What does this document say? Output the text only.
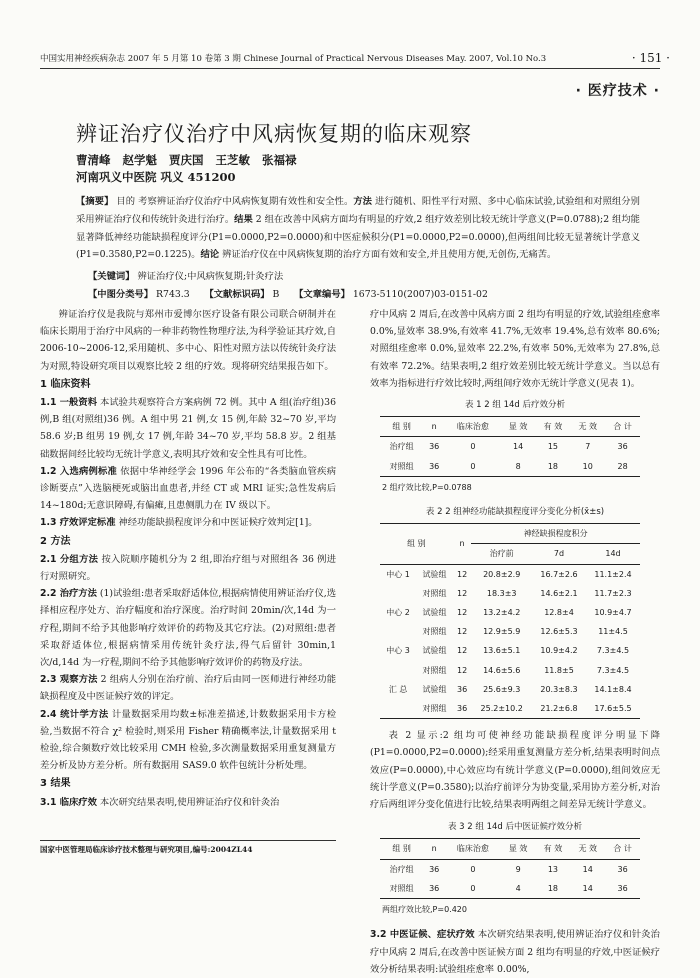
中国实用神经疾病杂志 2007 年 5 月第 10 卷第 3 期 Chinese Journal of Practical Nervous Diseases May. 2007, Vol.10 No.3	· 151 ·
· 医疗技术 ·
辨证治疗仪治疗中风病恢复期的临床观察
曹清峰 赵学魁 贾庆国 王芝敏 张福禄
河南巩义中医院 巩义 451200
【摘要】 目的 考察辨证治疗仪治疗中风病恢复期有效性和安全性。方法 进行随机、阳性平行对照、多中心临床试验,试验组和对照组分别采用辨证治疗仪和传统针灸进行治疗。结果 2 组在改善中风病方面均有明显的疗效,2 组疗效差别比较无统计学意义(P=0.0788);2 组均能显著降低神经功能缺损程度评分(P1=0.0000,P2=0.0000)和中医症候积分(P1=0.0000,P2=0.0000),但两组间比较无显著统计学意义(P1=0.3580,P2=0.1225)。结论 辨证治疗仪在中风病恢复期的治疗方面有效和安全,并且使用方便,无创伤,无痛苦。
【关键词】 辨证治疗仪;中风病恢复期;针灸疗法
【中图分类号】 R743.3 【文献标识码】 B 【文章编号】 1673-5110(2007)03-0151-02

辨证治疗仪是我院与郑州市爱博尔医疗设备有限公司联合研制并在临床长期用于治疗中风病的一种非药物性物理疗法,为科学验证其疗效,自 2006-10~2006-12,采用随机、多中心、阳性对照方法以传统针灸疗法为对照,特设研究项目以观察比较 2 组的疗效。现将研究结果报告如下。

1 临床资料

1.1 一般资料 本试验共观察符合方案病例 72 例。其中 A 组(治疗组)36 例,B 组(对照组)36 例。A 组中男 21 例,女 15 例,年龄 32~70 岁,平均 58.6 岁;B 组男 19 例,女 17 例,年龄 34~70 岁,平均 58.8 岁。2 组基础数据间经比较均无统计学意义,表明其疗效和安全性具有可比性。

1.2 入选病例标准 依据中华神经学会 1996 年公布的“各类脑血管疾病诊断要点”入选脑梗死或脑出血患者,并经 CT 或 MRI 证实;急性发病后 14~180d;无意识障碍,有偏瘫,且患侧肌力在 IV 级以下。

1.3 疗效评定标准 神经功能缺损程度评分和中医证候疗效判定[1]。

2 方法

2.1 分组方法 按入院顺序随机分为 2 组,即治疗组与对照组各 36 例进行对照研究。

2.2 治疗方法 (1)试验组:患者采取舒适体位,根据病情使用辨证治疗仪,选择相应程序处方、治疗幅度和治疗深度。治疗时间 20min/次,14d 为一疗程,期间不给予其他影响疗效评价的药物及其它疗法。(2)对照组:患者采取舒适体位,根据病情采用传统针灸疗法,得气后留针 30min,1 次/d,14d 为一疗程,期间不给予其他影响疗效评价的药物及疗法。

2.3 观察方法 2 组病人分别在治疗前、治疗后由同一医师进行神经功能缺损程度及中医证候疗效的评定。

2.4 统计学方法 计量数据采用均数±标准差描述,计数数据采用卡方检验,当数据不符合 χ² 检验时,则采用 Fisher 精确概率法,计量数据采用 t 检验,综合频数疗效比较采用 CMH 检验,多次测量数据采用重复测量方差分析及协方差分析。所有数据用 SAS9.0 软件包统计分析处理。

3 结果

3.1 临床疗效 本次研究结果表明,使用辨证治疗仪和针灸治

国家中医管理局临床诊疗技术整理与研究项目,编号:2004ZL44

疗中风病 2 周后,在改善中风病方面 2 组均有明显的疗效,试验组痊愈率 0.0%,显效率 38.9%,有效率 41.7%,无效率 19.4%,总有效率 80.6%;对照组痊愈率 0.0%,显效率 22.2%,有效率 50%,无效率为 27.8%,总有效率 72.2%。结果表明,2 组疗效差别比较无统计学意义。当以总有效率为指标进行疗效比较时,两组间疗效亦无统计学意义(见表 1)。

表 1 2 组 14d 后疗效分析
组 别	n	临床治愈	显 效	有 效	无 效	合 计
治疗组	36	0	14	15	7	36
对照组	36	0	8	18	10	28
2 组疗效比较,P=0.0788
表 2 2 组神经功能缺损程度评分变化分析(x̄±s)
组 别		n	神经缺损程度积分		
			治疗前	7d	14d
中心 1	试验组	12	20.8±2.9	16.7±2.6	11.1±2.4
	对照组	12	18.3±3	14.6±2.1	11.7±2.3
中心 2	试验组	12	13.2±4.2	12.8±4	10.9±4.7
	对照组	12	12.9±5.9	12.6±5.3	11±4.5
中心 3	试验组	12	13.6±5.1	10.9±4.2	7.3±4.5
	对照组	12	14.6±5.6	11.8±5	7.3±4.5
汇 总	试验组	36	25.6±9.3	20.3±8.3	14.1±8.4
	对照组	36	25.2±10.2	21.2±6.8	17.6±5.5

表 2 显示:2 组均可使神经功能缺损程度评分明显下降(P1=0.0000,P2=0.0000);经采用重复测量方差分析,结果表明时间点效应(P=0.0000),中心效应均有统计学意义(P=0.0000),组间效应无统计学意义(P=0.3580);以治疗前评分为协变量,采用协方差分析,对治疗后两组评分变化值进行比较,结果表明两组之间差异无统计学意义。

表 3 2 组 14d 后中医证候疗效分析
组 别	n	临床治愈	显 效	有 效	无 效	合 计
治疗组	36	0	9	13	14	36
对照组	36	0	4	18	14	36
两组疗效比较,P=0.420

3.2 中医证候、症状疗效 本次研究结果表明,使用辨证治疗仪和针灸治疗中风病 2 周后,在改善中医证候方面 2 组均有明显的疗效,中医证候疗效分析结果表明:试验组痊愈率 0.00%,
